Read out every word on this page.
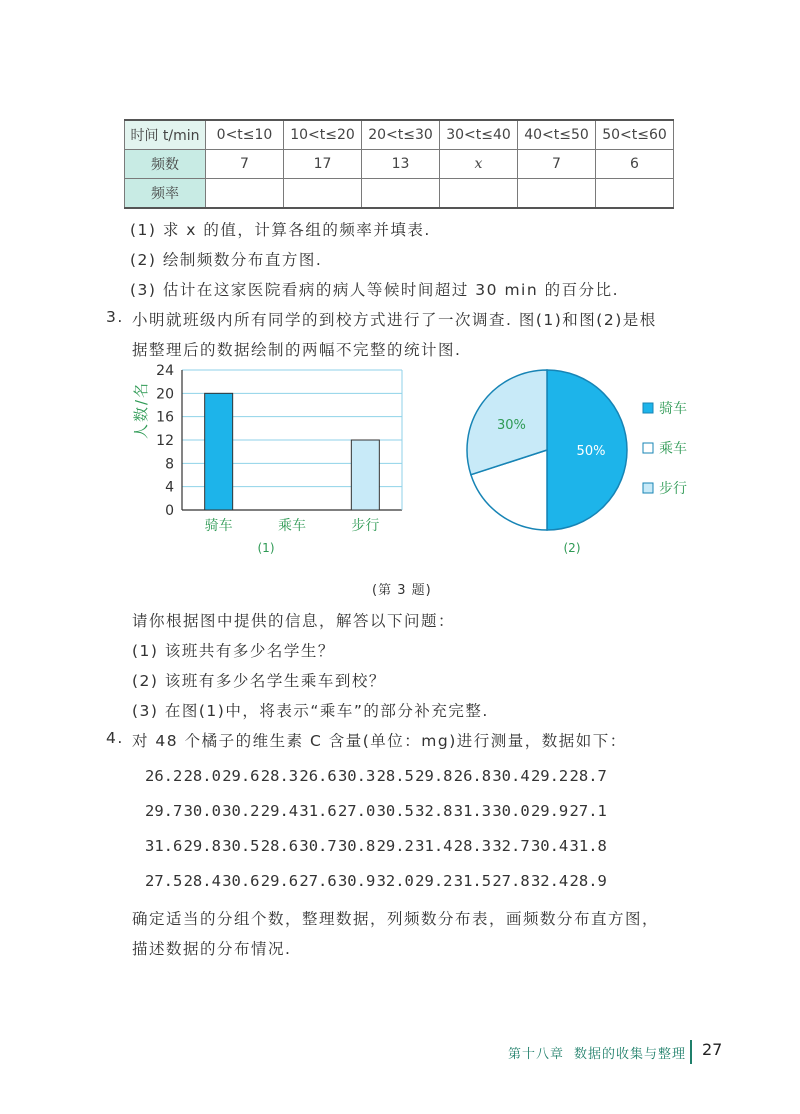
时间 t/min	0<t≤10	10<t≤20	20<t≤30	30<t≤40	40<t≤50	50<t≤60
频数	7	17	13	x	7	6
频率						
(1) 求 x 的值，计算各组的频率并填表.
(2) 绘制频数分布直方图.
(3) 估计在这家医院看病的病人等候时间超过 30 min 的百分比.
3. 小明就班级内所有同学的到校方式进行了一次调查. 图(1)和图(2)是根
据整理后的数据绘制的两幅不完整的统计图.
0
4
8
12
16
20
24
骑车	乘车	步行
人数/名
(1)
50%
30%
骑车
乘车
步行
(2)
(第 3 题)
请你根据图中提供的信息，解答以下问题：
(1) 该班共有多少名学生？
(2) 该班有多少名学生乘车到校？
(3) 在图(1)中，将表示“乘车”的部分补充完整.
4. 对 48 个橘子的维生素 C 含量(单位：mg)进行测量，数据如下：
26.228.029.628.326.630.328.529.826.830.429.228.7
29.730.030.229.431.627.030.532.831.330.029.927.1
31.629.830.528.630.730.829.231.428.332.730.431.8
27.528.430.629.627.630.932.029.231.527.832.428.9
确定适当的分组个数，整理数据，列频数分布表，画频数分布直方图，
描述数据的分布情况.
第十八章 数据的收集与整理 27
